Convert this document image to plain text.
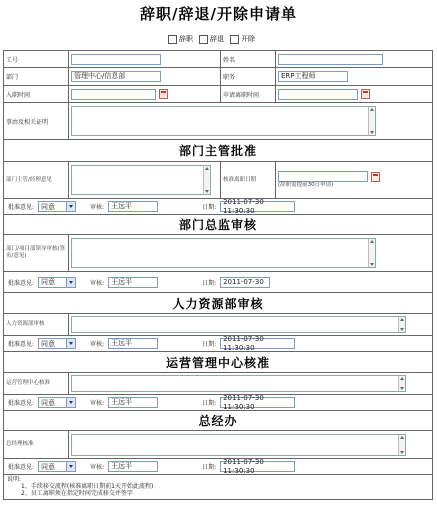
辞职/辞退/开除申请单
辞职	辞退	开除
工号	姓名
部门	管理中心/信息部	职务	ERP工程师
入职时间	申请离职时间
事由及相关证明
部门主管批准
部门主管/经理意见	核准离职日期
(辞职需提前30日申请)
批准意见: 同意	审核:	王远平	日期:
2011-07-30 11:30:30
部门总监审核
部门/项目部领导审核(签名/意见)
批准意见: 同意	审核:	王远平	日期:	2011-07-30
人力资源部审核
人力资源部审核
批准意见: 同意	审核:	王远平	日期:
2011-07-30 11:30:30
运营管理中心核准
运营管理中心核准
批准意见: 同意	审核:	王远平	日期:
2011-07-30 11:30:30
总经办
总经理核准
批准意见: 同意	审核:	王远平	日期:
2011-07-30 11:30:30
说明:
1、手续移交流程(核准离职日期前1天开始此流程)
2、员工离职须在指定时间完成移交并签字
